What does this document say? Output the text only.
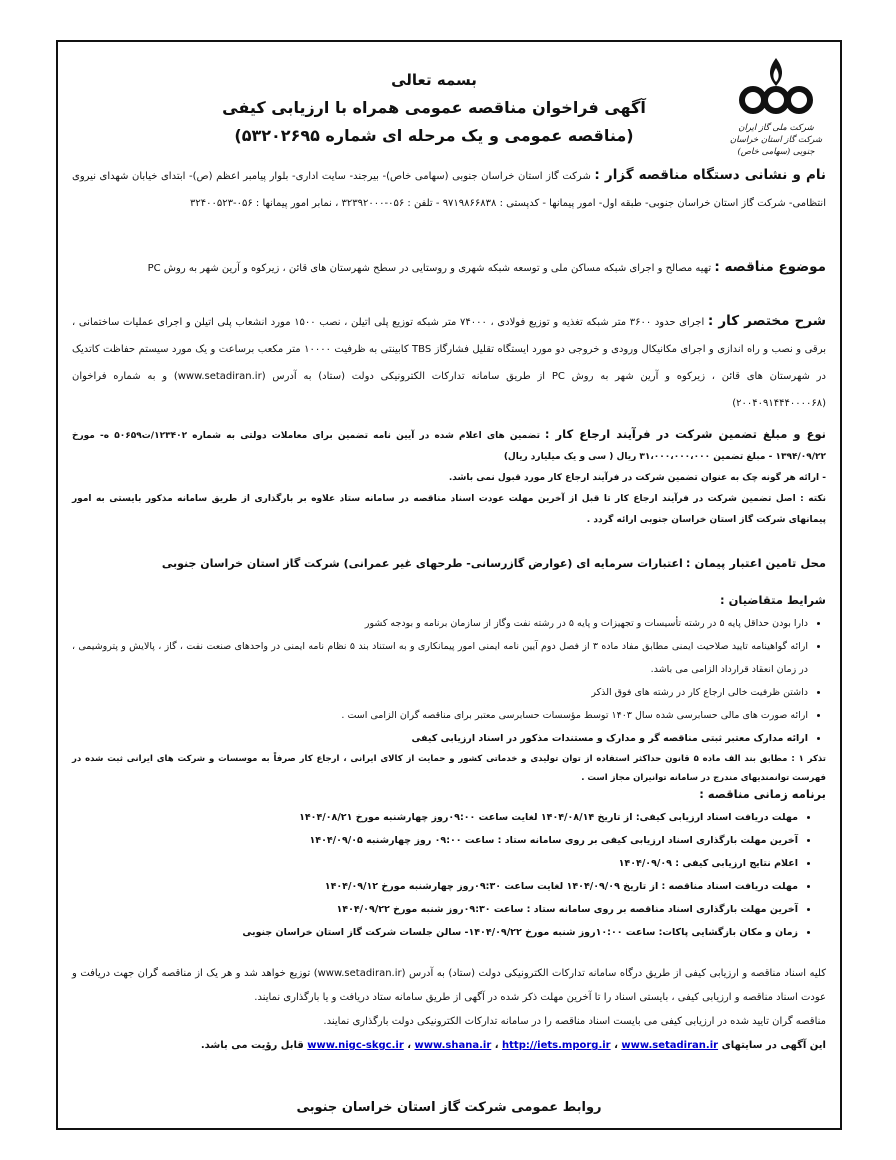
شرکت ملی گاز ایران
شرکت گاز استان خراسان جنوبی (سهامی خاص)
بسمه تعالی
آگهی فراخوان مناقصه عمومی همراه با ارزیابی کیفی
(مناقصه عمومی و یک مرحله ای شماره ۵۳۲۰۲۶۹۵)
نام و نشانی دستگاه مناقصه گزار : شرکت گاز استان خراسان جنوبی (سهامی خاص)- بیرجند- سایت اداری- بلوار پیامبر اعظم (ص)- ابتدای خیابان شهدای نیروی انتظامی- شرکت گاز استان خراسان جنوبی- طبقه اول- امور پیمانها - کدپستی : ۹۷۱۹۸۶۶۸۳۸ - تلفن : ۰۵۶-۳۲۳۹۲۰۰۰ ، نمابر امور پیمانها : ۰۵۶-۳۲۴۰۰۵۲۳
موضوع مناقصه : تهیه مصالح و اجرای شبکه مساکن ملی و توسعه شبکه شهری و روستایی در سطح شهرستان های قائن ، زیرکوه و آرین شهر به روش PC
شرح مختصر کار : اجرای حدود ۳۶۰۰ متر شبکه تغذیه و توزیع فولادی ، ۷۴۰۰۰ متر شبکه توزیع پلی اتیلن ، نصب ۱۵۰۰ مورد انشعاب پلی اتیلن و اجرای عملیات ساختمانی ، برقی و نصب و راه اندازی و اجرای مکانیکال ورودی و خروجی دو مورد ایستگاه تقلیل فشارگاز TBS کابینتی به ظرفیت ۱۰۰۰۰ متر مکعب برساعت و یک مورد سیستم حفاظت کاتدیک در شهرستان های قائن ، زیرکوه و آرین شهر به روش PC از طریق سامانه تدارکات الکترونیکی دولت (ستاد) به آدرس (www.setadiran.ir) و به شماره فراخوان (۲۰۰۴۰۹۱۴۴۴۰۰۰۰۶۸)
نوع و مبلغ تضمین شرکت در فرآیند ارجاع کار : تضمین های اعلام شده در آیین نامه تضمین برای معاملات دولتی به شماره ۱۲۳۴۰۲/ت۵۰۶۵۹ ه- مورخ ۱۳۹۴/۰۹/۲۲ - مبلغ تضمین ۳۱،۰۰۰،۰۰۰،۰۰۰ ریال ( سی و یک میلیارد ریال)
- ارائه هر گونه چک به عنوان تضمین شرکت در فرآیند ارجاع کار مورد قبول نمی باشد.
نکته : اصل تضمین شرکت در فرآیند ارجاع کار تا قبل از آخرین مهلت عودت اسناد مناقصه در سامانه ستاد علاوه بر بارگذاری از طریق سامانه مذکور بایستی به امور پیمانهای شرکت گاز استان خراسان جنوبی ارائه گردد .
محل تامین اعتبار پیمان : اعتبارات سرمایه ای (عوارض گازرسانی- طرحهای غیر عمرانی) شرکت گاز استان خراسان جنوبی
شرایط متقاضیان :
• دارا بودن حداقل پایه ۵ در رشته تأسیسات و تجهیزات و پایه ۵ در رشته نفت وگاز از سازمان برنامه و بودجه کشور
• ارائه گواهینامه تایید صلاحیت ایمنی مطابق مفاد ماده ۳ از فصل دوم آیین نامه ایمنی امور پیمانکاری و به استناد بند ۵ نظام نامه ایمنی در واحدهای صنعت نفت ، گاز ، پالایش و پتروشیمی ، در زمان انعقاد قرارداد الزامی می باشد.
• داشتن ظرفیت خالی ارجاع کار در رشته های فوق الذکر
• ارائه صورت های مالی حسابرسی شده سال ۱۴۰۳ توسط مؤسسات حسابرسی معتبر برای مناقصه گران الزامی است .
• ارائه مدارک معتبر ثبتی مناقصه گر و مدارک و مستندات مذکور در اسناد ارزیابی کیفی
تذکر ۱ : مطابق بند الف ماده ۵ قانون حداکثر استفاده از توان تولیدی و خدماتی کشور و حمایت از کالای ایرانی ، ارجاع کار صرفاً به موسسات و شرکت های ایرانی ثبت شده در فهرست توانمندیهای مندرج در سامانه توانیران مجاز است .
برنامه زمانی مناقصه :
• مهلت دریافت اسناد ارزیابی کیفی: از تاریخ ۱۴۰۴/۰۸/۱۴ لغایت ساعت ۰۹:۰۰روز چهارشنبه مورخ ۱۴۰۴/۰۸/۲۱
• آخرین مهلت بارگذاری اسناد ارزیابی کیفی بر روی سامانه ستاد : ساعت ۰۹:۰۰ روز چهارشنبه ۱۴۰۴/۰۹/۰۵
• اعلام نتایج ارزیابی کیفی : ۱۴۰۴/۰۹/۰۹
• مهلت دریافت اسناد مناقصه : از تاریخ ۱۴۰۴/۰۹/۰۹ لغایت ساعت ۰۹:۳۰روز چهارشنبه مورخ ۱۴۰۴/۰۹/۱۲
• آخرین مهلت بارگذاری اسناد مناقصه بر روی سامانه ستاد : ساعت ۰۹:۳۰روز شنبه مورخ ۱۴۰۴/۰۹/۲۲
• زمان و مکان بازگشایی پاکات: ساعت ۱۰:۰۰روز شنبه مورخ ۱۴۰۴/۰۹/۲۲- سالن جلسات شرکت گاز استان خراسان جنوبی
کلیه اسناد مناقصه و ارزیابی کیفی از طریق درگاه سامانه تدارکات الکترونیکی دولت (ستاد) به آدرس (www.setadiran.ir) توزیع خواهد شد و هر یک از مناقصه گران جهت دریافت و عودت اسناد مناقصه و ارزیابی کیفی ، بایستی اسناد را تا آخرین مهلت ذکر شده در آگهی از طریق سامانه ستاد دریافت و یا بارگذاری نمایند.
مناقصه گران تایید شده در ارزیابی کیفی می بایست اسناد مناقصه را در سامانه تدارکات الکترونیکی دولت بارگذاری نمایند.
این آگهی در سایتهای www.nigc-skgc.ir ، www.shana.ir ، http://iets.mporg.ir ، www.setadiran.ir قابل رؤیت می باشد.
روابط عمومی شرکت گاز استان خراسان جنوبی
